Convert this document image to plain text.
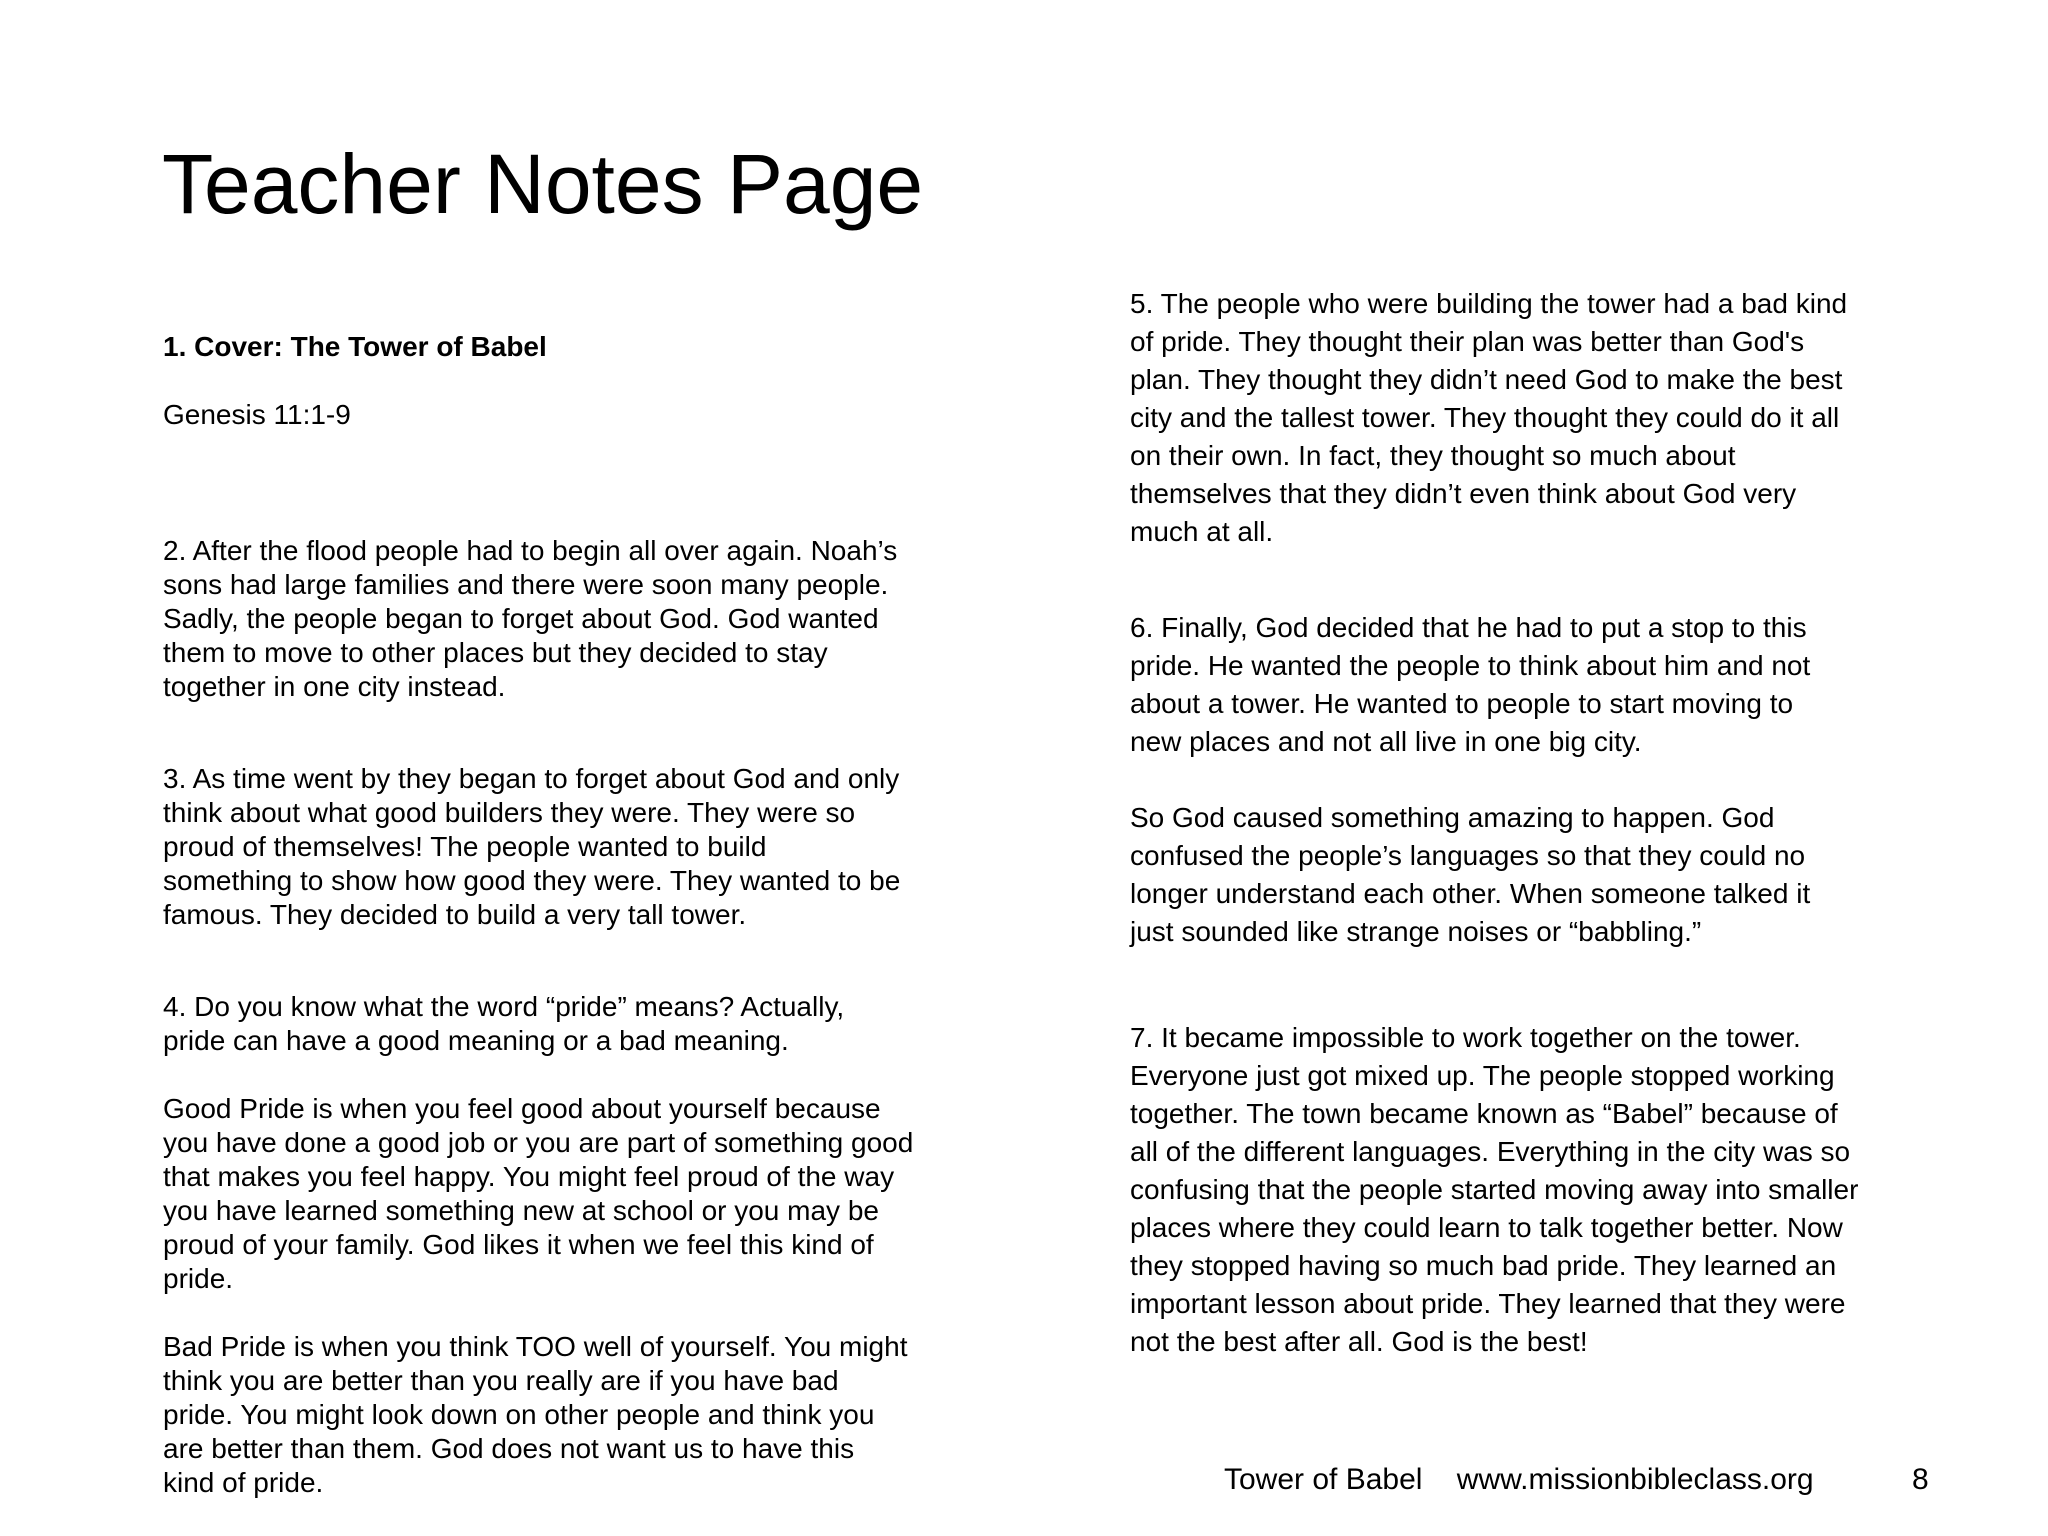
Teacher Notes Page

1. Cover: The Tower of Babel

Genesis 11:1-9

2. After the flood people had to begin all over again. Noah’s
sons had large families and there were soon many people.
Sadly, the people began to forget about God. God wanted
them to move to other places but they decided to stay
together in one city instead.

3. As time went by they began to forget about God and only
think about what good builders they were. They were so
proud of themselves! The people wanted to build
something to show how good they were. They wanted to be
famous. They decided to build a very tall tower.

4. Do you know what the word “pride” means? Actually,
pride can have a good meaning or a bad meaning.

Good Pride is when you feel good about yourself because
you have done a good job or you are part of something good
that makes you feel happy. You might feel proud of the way
you have learned something new at school or you may be
proud of your family. God likes it when we feel this kind of
pride.

Bad Pride is when you think TOO well of yourself. You might
think you are better than you really are if you have bad
pride. You might look down on other people and think you
are better than them. God does not want us to have this
kind of pride.

5. The people who were building the tower had a bad kind
of pride. They thought their plan was better than God's
plan. They thought they didn’t need God to make the best
city and the tallest tower. They thought they could do it all
on their own. In fact, they thought so much about
themselves that they didn’t even think about God very
much at all.

6. Finally, God decided that he had to put a stop to this
pride. He wanted the people to think about him and not
about a tower. He wanted to people to start moving to
new places and not all live in one big city.

So God caused something amazing to happen. God
confused the people’s languages so that they could no
longer understand each other. When someone talked it
just sounded like strange noises or “babbling.”

7. It became impossible to work together on the tower.
Everyone just got mixed up. The people stopped working
together. The town became known as “Babel” because of
all of the different languages. Everything in the city was so
confusing that the people started moving away into smaller
places where they could learn to talk together better. Now
they stopped having so much bad pride. They learned an
important lesson about pride. They learned that they were
not the best after all. God is the best!

Tower of Babel www.missionbibleclass.org	8
